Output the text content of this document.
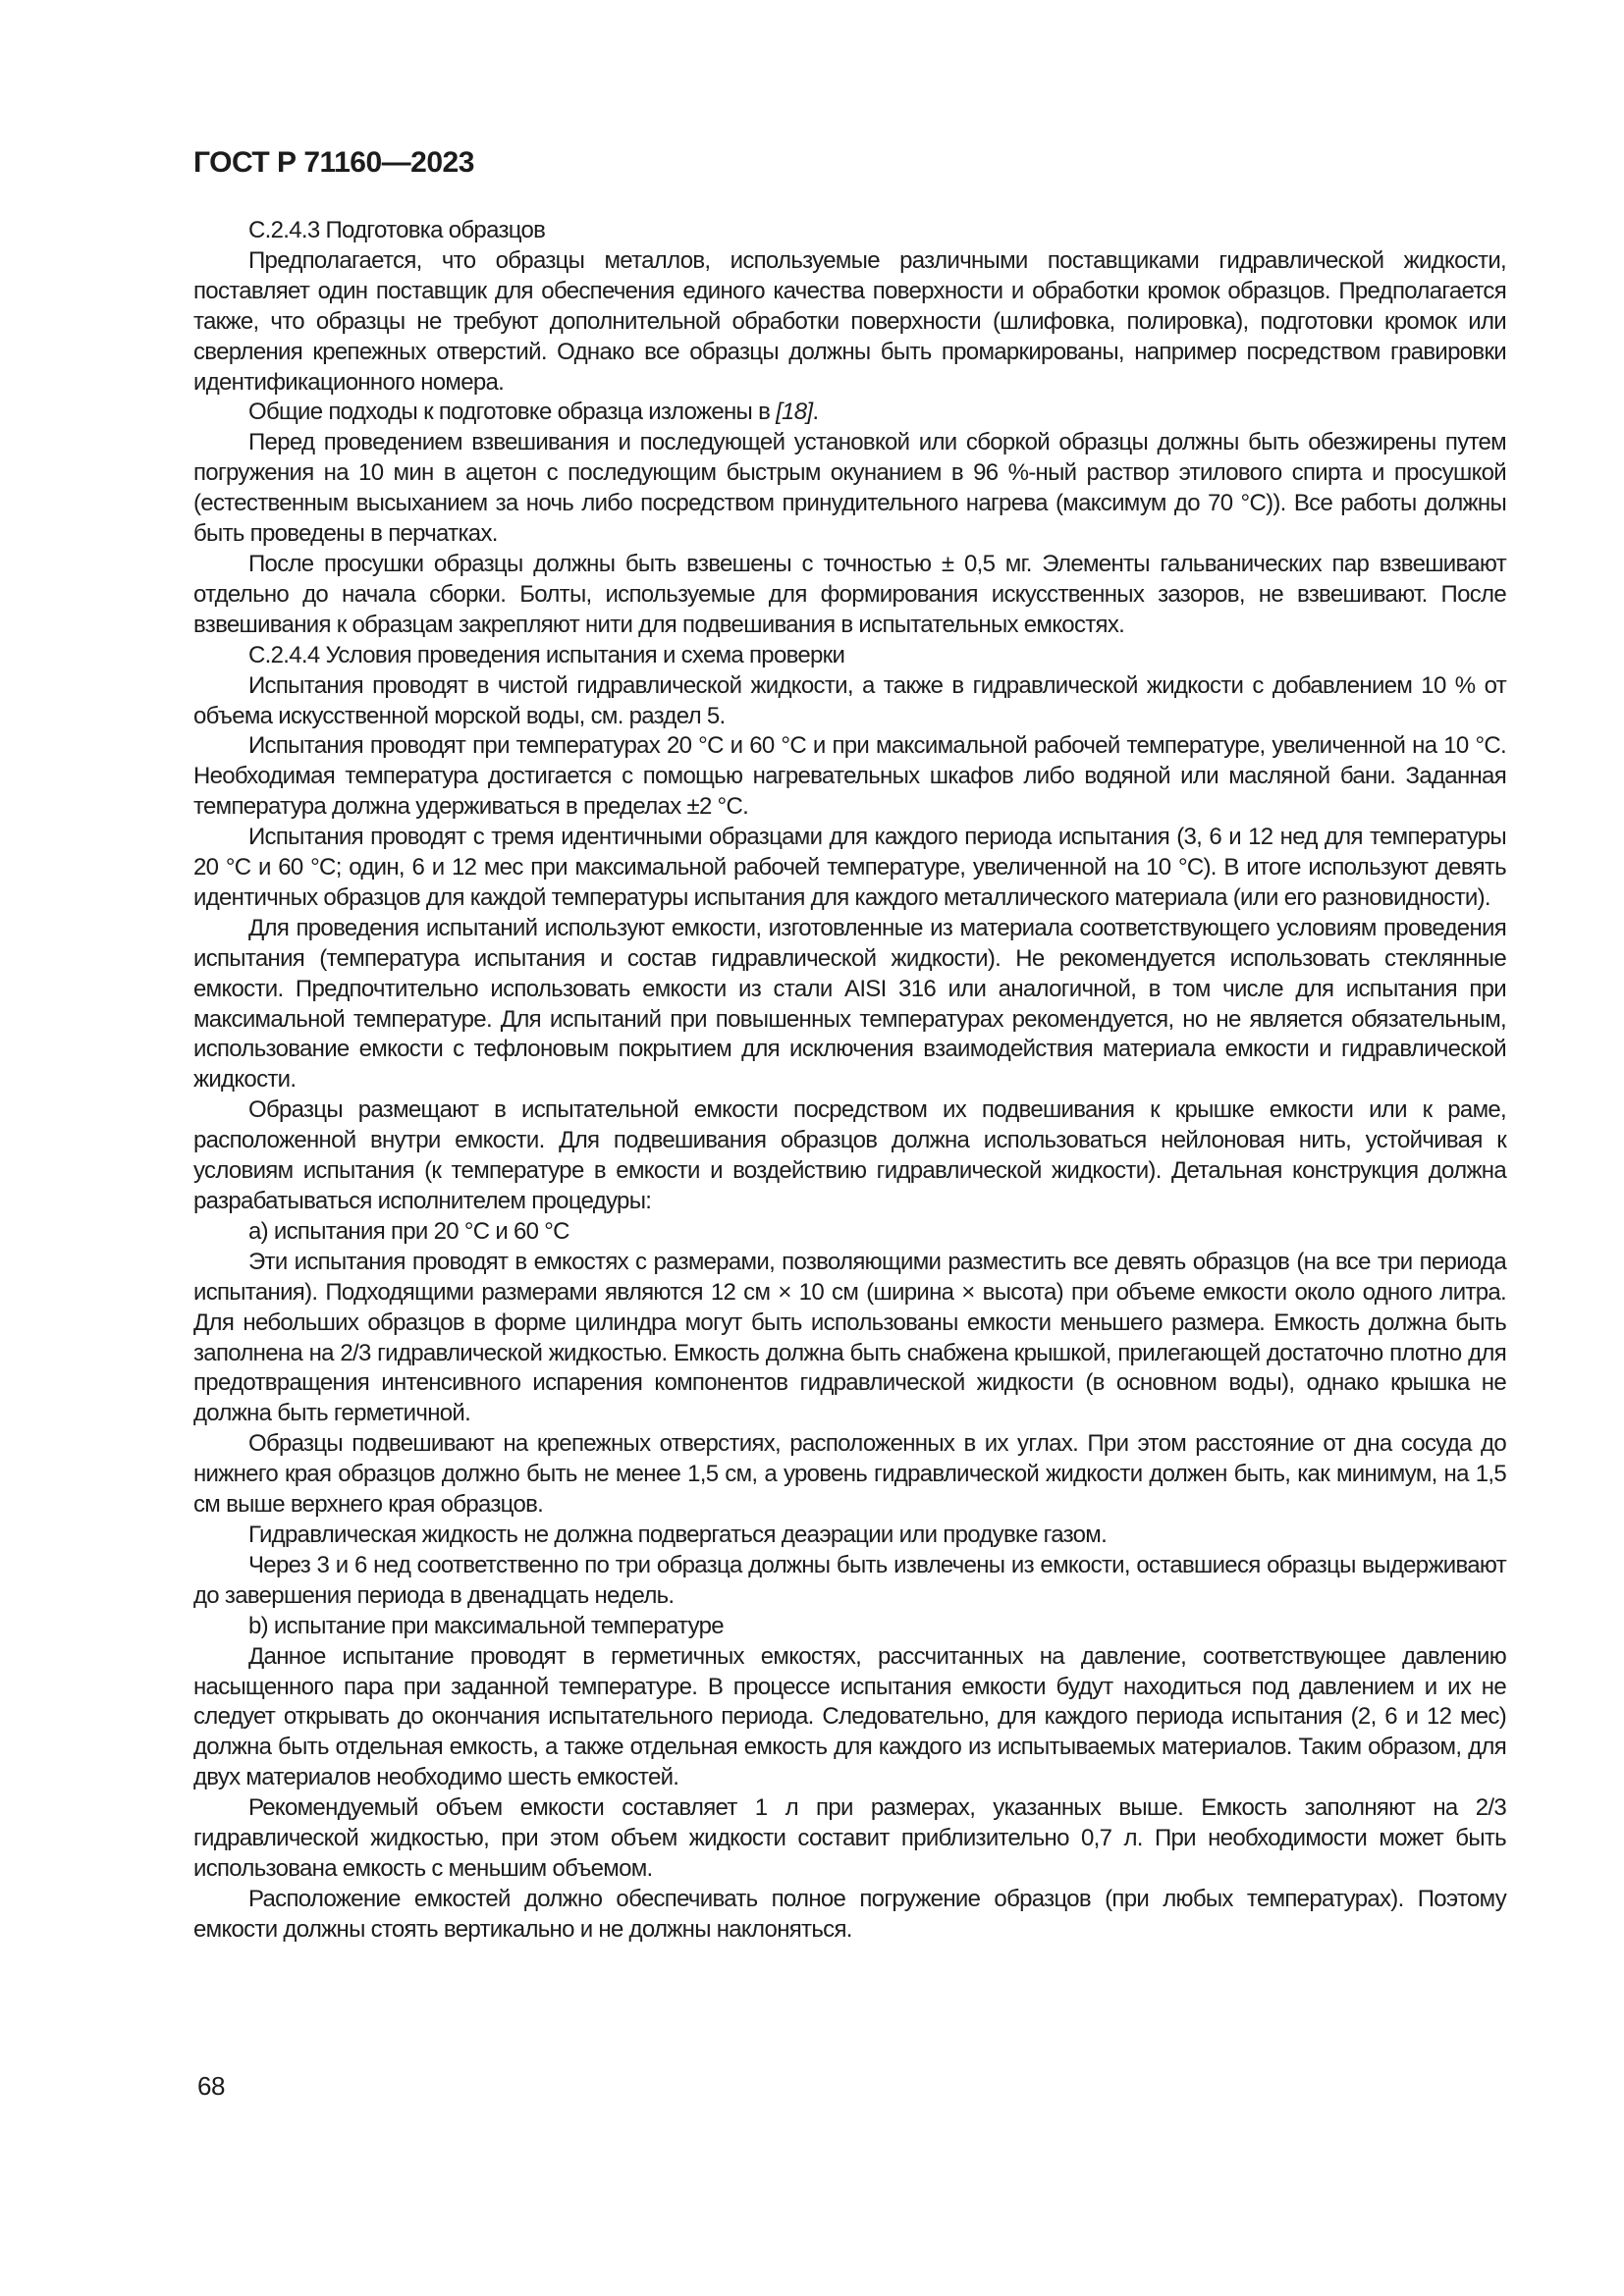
ГОСТ Р 71160—2023

С.2.4.3 Подготовка образцов

Предполагается, что образцы металлов, используемые различными поставщиками гидравлической жидкости, поставляет один поставщик для обеспечения единого качества поверхности и обработки кромок образцов. Предполагается также, что образцы не требуют дополнительной обработки поверхности (шлифовка, полировка), подготовки кромок или сверления крепежных отверстий. Однако все образцы должны быть промаркированы, например посредством гравировки идентификационного номера.

Общие подходы к подготовке образца изложены в [18].

Перед проведением взвешивания и последующей установкой или сборкой образцы должны быть обезжирены путем погружения на 10 мин в ацетон с последующим быстрым окунанием в 96 %-ный раствор этилового спирта и просушкой (естественным высыханием за ночь либо посредством принудительного нагрева (максимум до 70 °С)). Все работы должны быть проведены в перчатках.

После просушки образцы должны быть взвешены с точностью ± 0,5 мг. Элементы гальванических пар взвешивают отдельно до начала сборки. Болты, используемые для формирования искусственных зазоров, не взвешивают. После взвешивания к образцам закрепляют нити для подвешивания в испытательных емкостях.

С.2.4.4 Условия проведения испытания и схема проверки

Испытания проводят в чистой гидравлической жидкости, а также в гидравлической жидкости с добавлением 10 % от объема искусственной морской воды, см. раздел 5.

Испытания проводят при температурах 20 °С и 60 °С и при максимальной рабочей температуре, увеличенной на 10 °С. Необходимая температура достигается с помощью нагревательных шкафов либо водяной или масляной бани. Заданная температура должна удерживаться в пределах ±2 °С.

Испытания проводят с тремя идентичными образцами для каждого периода испытания (3, 6 и 12 нед для температуры 20 °С и 60 °С; один, 6 и 12 мес при максимальной рабочей температуре, увеличенной на 10 °С). В итоге используют девять идентичных образцов для каждой температуры испытания для каждого металлического материала (или его разновидности).

Для проведения испытаний используют емкости, изготовленные из материала соответствующего условиям проведения испытания (температура испытания и состав гидравлической жидкости). Не рекомендуется использовать стеклянные емкости. Предпочтительно использовать емкости из стали AISI 316 или аналогичной, в том числе для испытания при максимальной температуре. Для испытаний при повышенных температурах рекомендуется, но не является обязательным, использование емкости с тефлоновым покрытием для исключения взаимодействия материала емкости и гидравлической жидкости.

Образцы размещают в испытательной емкости посредством их подвешивания к крышке емкости или к раме, расположенной внутри емкости. Для подвешивания образцов должна использоваться нейлоновая нить, устойчивая к условиям испытания (к температуре в емкости и воздействию гидравлической жидкости). Детальная конструкция должна разрабатываться исполнителем процедуры:

а) испытания при 20 °С и 60 °С

Эти испытания проводят в емкостях с размерами, позволяющими разместить все девять образцов (на все три периода испытания). Подходящими размерами являются 12 см × 10 см (ширина × высота) при объеме емкости около одного литра. Для небольших образцов в форме цилиндра могут быть использованы емкости меньшего размера. Емкость должна быть заполнена на 2/3 гидравлической жидкостью. Емкость должна быть снабжена крышкой, прилегающей достаточно плотно для предотвращения интенсивного испарения компонентов гидравлической жидкости (в основном воды), однако крышка не должна быть герметичной.

Образцы подвешивают на крепежных отверстиях, расположенных в их углах. При этом расстояние от дна сосуда до нижнего края образцов должно быть не менее 1,5 см, а уровень гидравлической жидкости должен быть, как минимум, на 1,5 см выше верхнего края образцов.

Гидравлическая жидкость не должна подвергаться деаэрации или продувке газом.

Через 3 и 6 нед соответственно по три образца должны быть извлечены из емкости, оставшиеся образцы выдерживают до завершения периода в двенадцать недель.

b) испытание при максимальной температуре

Данное испытание проводят в герметичных емкостях, рассчитанных на давление, соответствующее давлению насыщенного пара при заданной температуре. В процессе испытания емкости будут находиться под давлением и их не следует открывать до окончания испытательного периода. Следовательно, для каждого периода испытания (2, 6 и 12 мес) должна быть отдельная емкость, а также отдельная емкость для каждого из испытываемых материалов. Таким образом, для двух материалов необходимо шесть емкостей.

Рекомендуемый объем емкости составляет 1 л при размерах, указанных выше. Емкость заполняют на 2/3 гидравлической жидкостью, при этом объем жидкости составит приблизительно 0,7 л. При необходимости может быть использована емкость с меньшим объемом.

Расположение емкостей должно обеспечивать полное погружение образцов (при любых температурах). Поэтому емкости должны стоять вертикально и не должны наклоняться.

68
